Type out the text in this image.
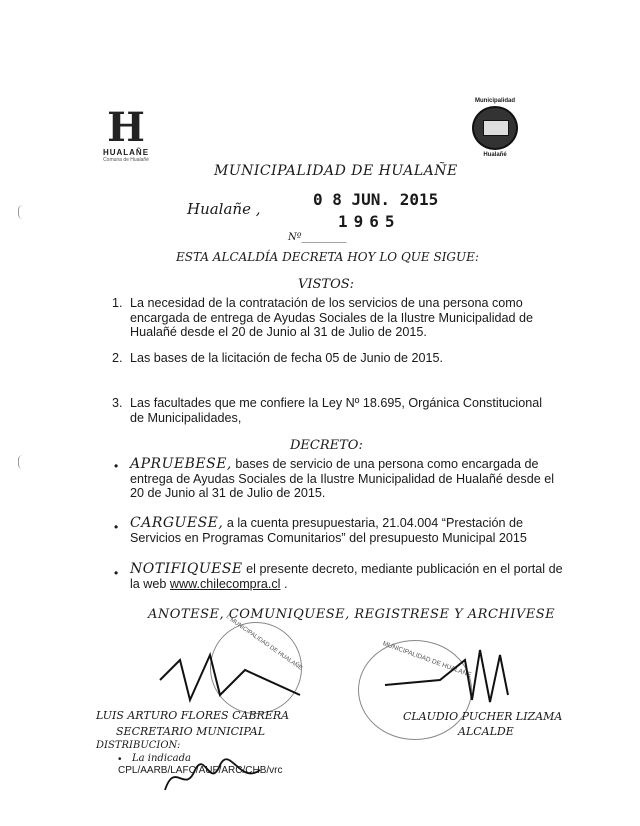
H
HUALAÑE
Comuna de Hualañé
Municipalidad
Hualañé
MUNICIPALIDAD DE HUALAÑE
Hualañe ,	0 8 JUN. 2015
Nº_________
1965
ESTA ALCALDÍA DECRETA HOY LO QUE SIGUE:
VISTOS:
1. La necesidad de la contratación de los servicios de una persona como
encargada de entrega de Ayudas Sociales de la Ilustre Municipalidad de
Hualañé desde el 20 de Junio al 31 de Julio de 2015.
2. Las bases de la licitación de fecha 05 de Junio de 2015.
3. Las facultades que me confiere la Ley Nº 18.695, Orgánica Constitucional
de Municipalidades,
DECRETO:
• APRUEBESE, bases de servicio de una persona como encargada de
entrega de Ayudas Sociales de la Ilustre Municipalidad de Hualañé desde el
20 de Junio al 31 de Julio de 2015.
• CARGUESE, a la cuenta presupuestaria, 21.04.004 “Prestación de
Servicios en Programas Comunitarios” del presupuesto Municipal 2015
• NOTIFIQUESE el presente decreto, mediante publicación en el portal de
la web www.chilecompra.cl .
ANOTESE, COMUNIQUESE, REGISTRESE Y ARCHIVESE
I. MUNICIPALIDAD DE HUALAÑE	MUNICIPALIDAD DE HUALAÑE
LUIS ARTURO FLORES CABRERA
SECRETARIO MUNICIPAL
CLAUDIO PUCHER LIZAMA
ALCALDE
DISTRIBUCION:
• La indicada
CPL/AARB/LAFC/AUF/ARC/CHB/vrc
